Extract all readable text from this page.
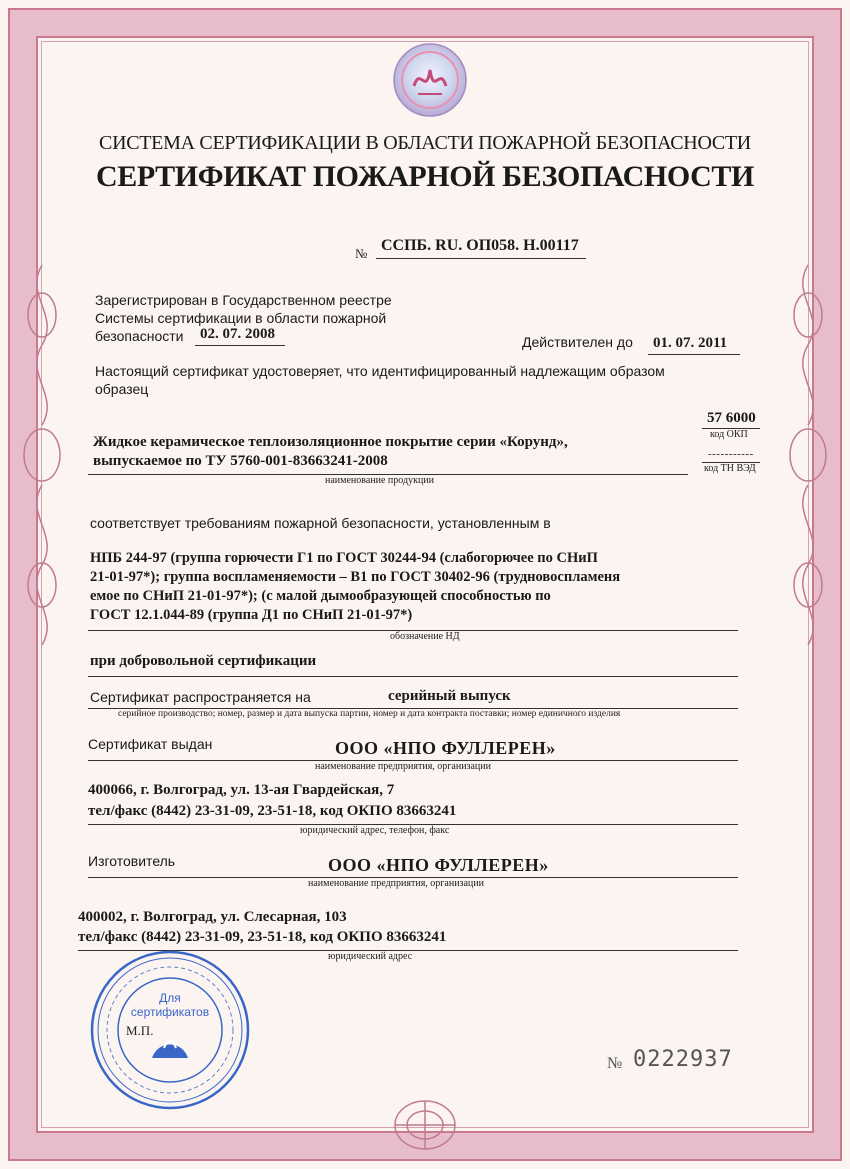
СИСТЕМА СЕРТИФИКАЦИИ В ОБЛАСТИ ПОЖАРНОЙ БЕЗОПАСНОСТИ
СЕРТИФИКАТ ПОЖАРНОЙ БЕЗОПАСНОСТИ
№ ССПБ. RU. ОП058. Н.00117
Зарегистрирован в Государственном реестре
Системы сертификации в области пожарной
безопасности 02. 07. 2008	Действителен до 01. 07. 2011
Настоящий сертификат удостоверяет, что идентифицированный надлежащим образом
образец
57 6000
код ОКП
-----------
код ТН ВЭД
Жидкое керамическое теплоизоляционное покрытие серии «Корунд»,
выпускаемое по ТУ 5760-001-83663241-2008
наименование продукции
соответствует требованиям пожарной безопасности, установленным в
НПБ 244-97 (группа горючести Г1 по ГОСТ 30244-94 (слабогорючее по СНиП
21-01-97*); группа воспламеняемости – В1 по ГОСТ 30402-96 (трудновоспламеня
емое по СНиП 21-01-97*); (с малой дымообразующей способностью по
ГОСТ 12.1.044-89 (группа Д1 по СНиП 21-01-97*)
обозначение НД
при добровольной сертификации
Сертификат распространяется на	серийный выпуск
серийное производство; номер, размер и дата выпуска партии, номер и дата контракта поставки; номер единичного изделия
Сертификат выдан	ООО «НПО ФУЛЛЕРЕН»
наименование предприятия, организации
400066, г. Волгоград, ул. 13-ая Гвардейская, 7
тел/факс (8442) 23-31-09, 23-51-18, код ОКПО 83663241
юридический адрес, телефон, факс
Изготовитель	ООО «НПО ФУЛЛЕРЕН»
наименование предприятия, организации
400002, г. Волгоград, ул. Слесарная, 103
тел/факс (8442) 23-31-09, 23-51-18, код ОКПО 83663241
юридический адрес
Для
сертификатов
М.П.
№ 0222937
